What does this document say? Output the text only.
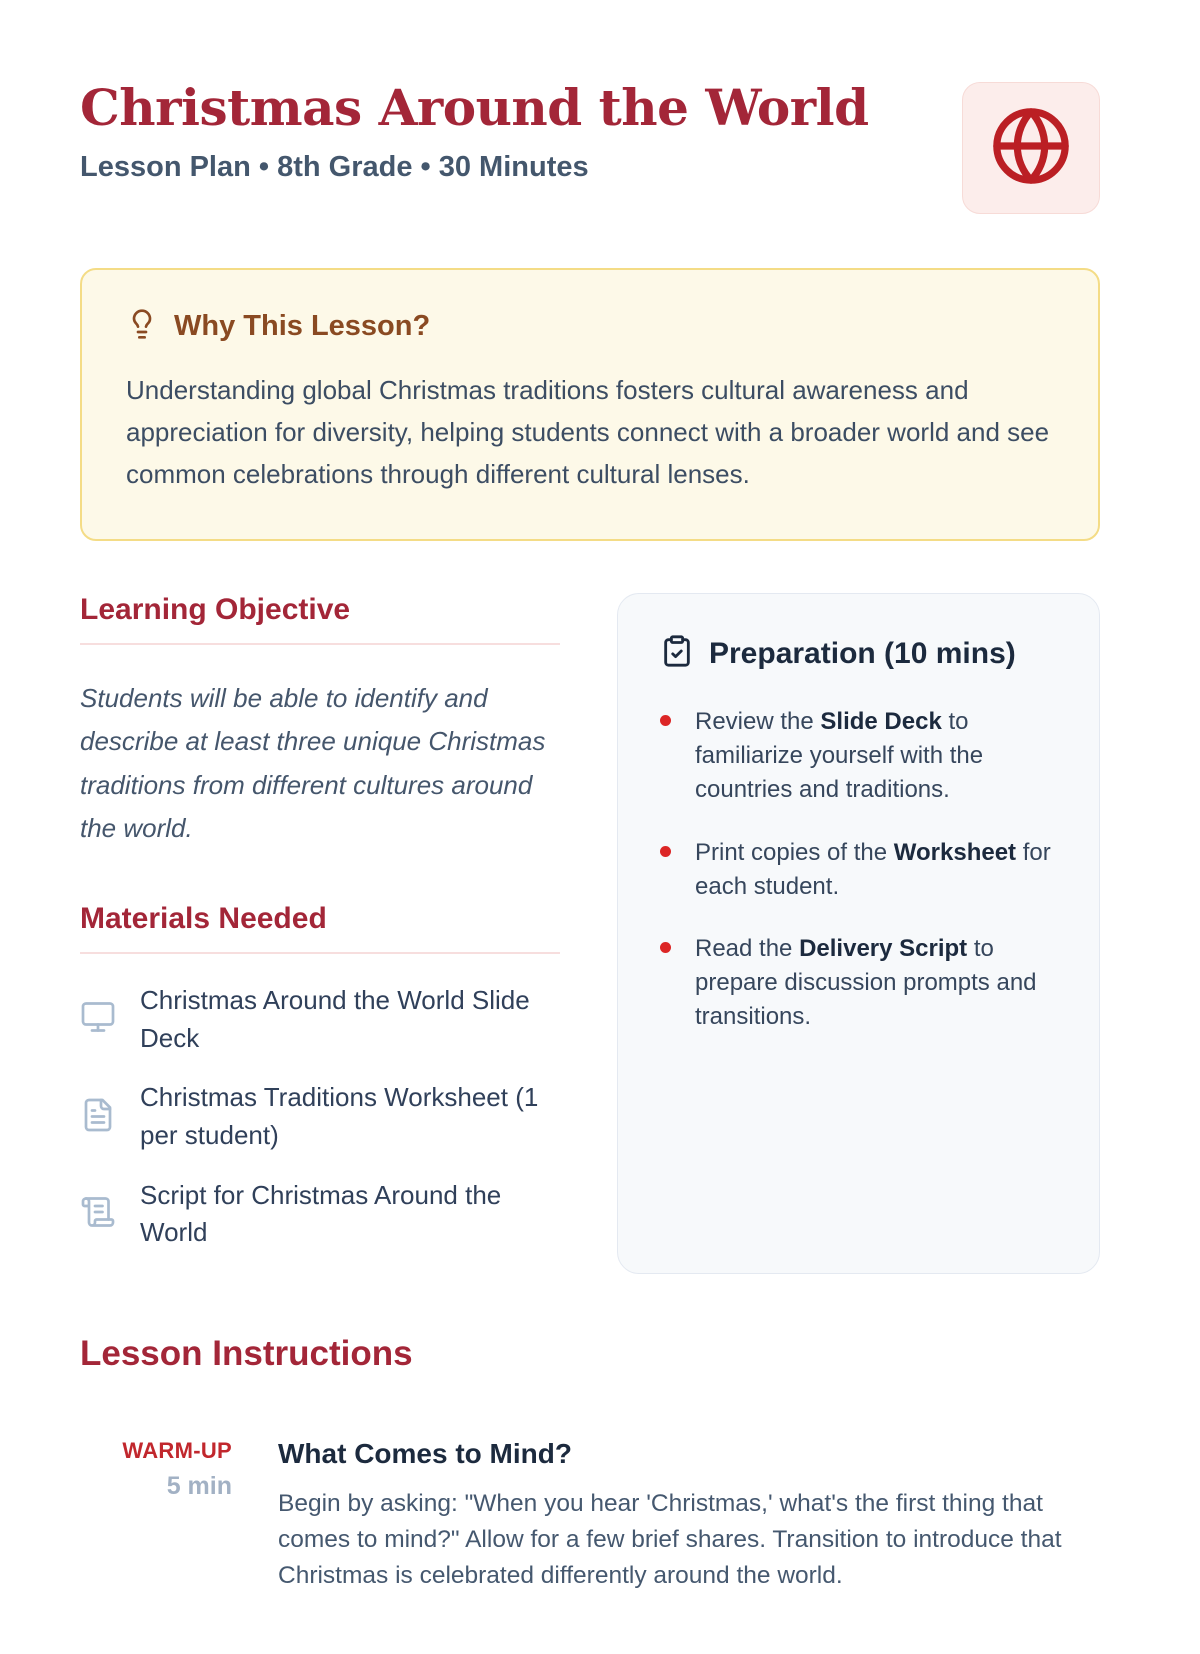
Christmas Around the World
Lesson Plan • 8th Grade • 30 Minutes
Why This Lesson?

Understanding global Christmas traditions fosters cultural awareness and appreciation for diversity, helping students connect with a broader world and see common celebrations through different cultural lenses.

Learning Objective

Students will be able to identify and describe at least three unique Christmas traditions from different cultures around the world.

Materials Needed
Christmas Around the World Slide Deck
Christmas Traditions Worksheet (1 per student)
Script for Christmas Around the World
Preparation (10 mins)

Review the Slide Deck to familiarize yourself with the countries and traditions.

Print copies of the Worksheet for each student.

Read the Delivery Script to prepare discussion prompts and transitions.

Lesson Instructions
WARM-UP
5 min
What Comes to Mind?

Begin by asking: "When you hear 'Christmas,' what's the first thing that comes to mind?" Allow for a few brief shares. Transition to introduce that Christmas is celebrated differently around the world.
